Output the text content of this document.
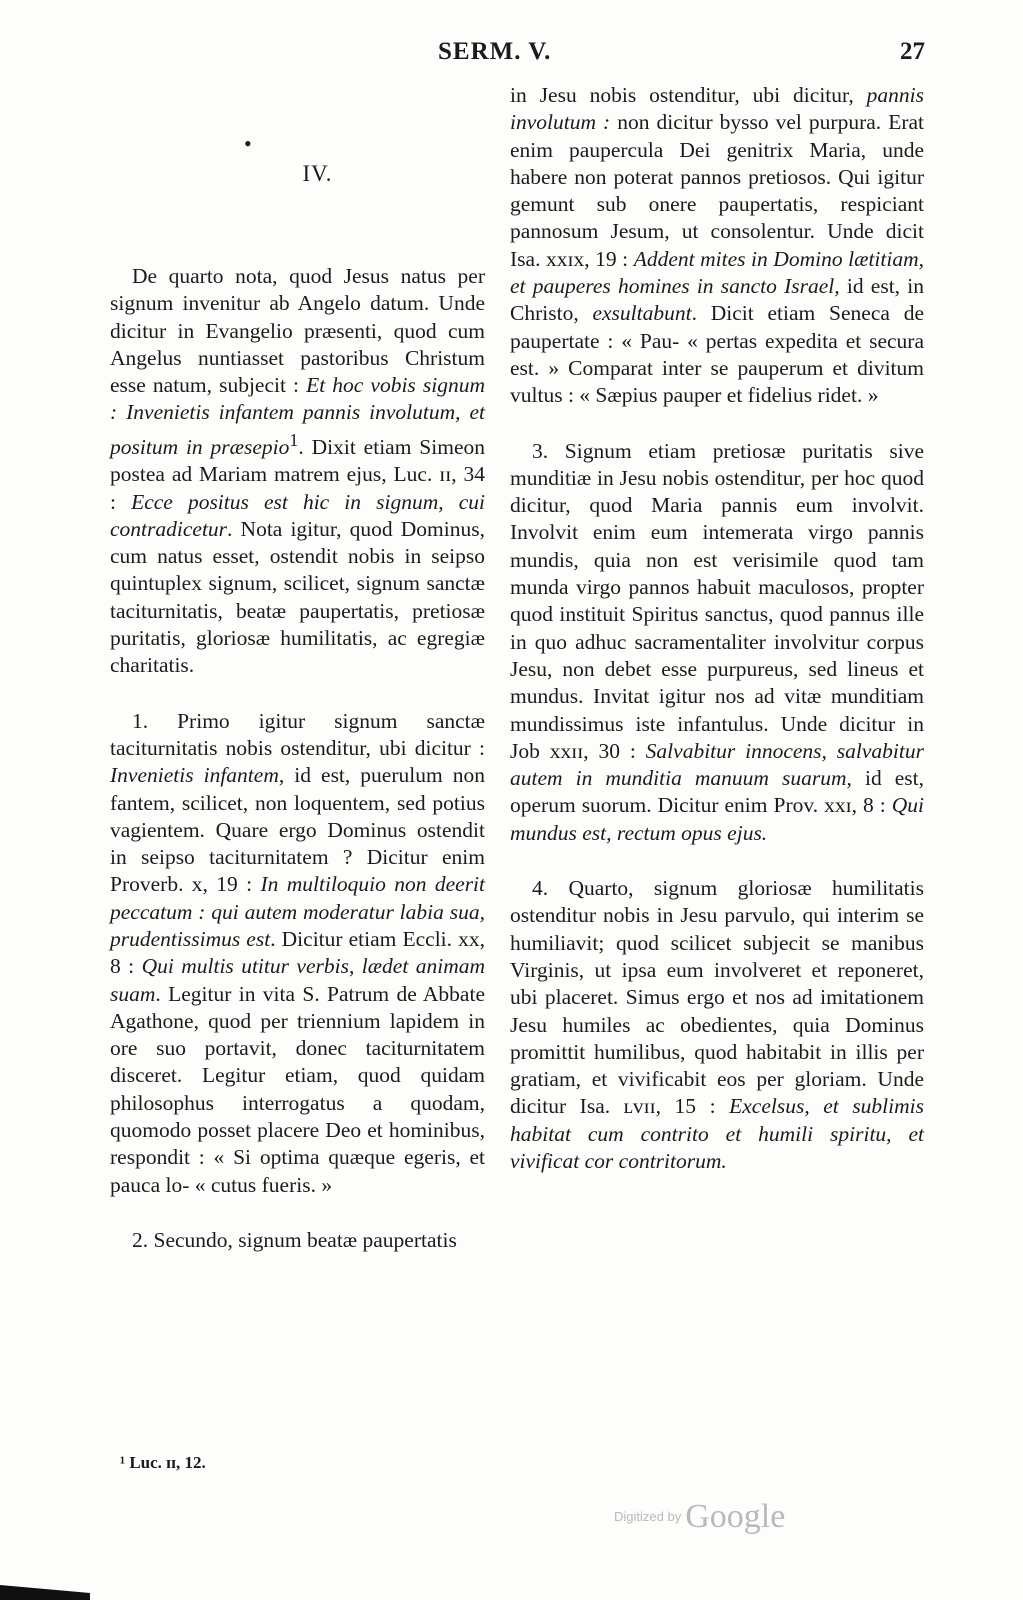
SERM. V.	27
•
IV.

De quarto nota, quod Jesus natus per signum invenitur ab Angelo datum. Unde dicitur in Evangelio præsenti, quod cum Angelus nuntiasset pastoribus Christum esse natum, subjecit : Et hoc vobis signum : Invenietis infantem pannis involutum, et positum in præsepio$^1$. Dixit etiam Simeon postea ad Mariam matrem ejus, Luc. ɪɪ, 34 : Ecce positus est hic in signum, cui contradicetur. Nota igitur, quod Dominus, cum natus esset, ostendit nobis in seipso quintuplex signum, scilicet, signum sanctæ taciturnitatis, beatæ paupertatis, pretiosæ puritatis, gloriosæ humilitatis, ac egregiæ charitatis.

1. Primo igitur signum sanctæ taciturnitatis nobis ostenditur, ubi dicitur : Invenietis infantem, id est, puerulum non fantem, scilicet, non loquentem, sed potius vagientem. Quare ergo Dominus ostendit in seipso taciturnitatem ? Dicitur enim Proverb. x, 19 : In multiloquio non deerit peccatum : qui autem moderatur labia sua, prudentissimus est. Dicitur etiam Eccli. xx, 8 : Qui multis utitur verbis, lædet animam suam. Legitur in vita S. Patrum de Abbate Agathone, quod per triennium lapidem in ore suo portavit, donec taciturnitatem disceret. Legitur etiam, quod quidam philosophus interrogatus a quodam, quomodo posset placere Deo et hominibus, respondit : « Si optima quæque egeris, et pauca lo- « cutus fueris. »

2. Secundo, signum beatæ paupertatis

in Jesu nobis ostenditur, ubi dicitur, pannis involutum : non dicitur bysso vel purpura. Erat enim paupercula Dei genitrix Maria, unde habere non poterat pannos pretiosos. Qui igitur gemunt sub onere paupertatis, respiciant pannosum Jesum, ut consolentur. Unde dicit Isa. xxɪx, 19 : Addent mites in Domino lætitiam, et pauperes homines in sancto Israel, id est, in Christo, exsultabunt. Dicit etiam Seneca de paupertate : « Pau- « pertas expedita et secura est. » Comparat inter se pauperum et divitum vultus : « Sæpius pauper et fidelius ridet. »

3. Signum etiam pretiosæ puritatis sive munditiæ in Jesu nobis ostenditur, per hoc quod dicitur, quod Maria pannis eum involvit. Involvit enim eum intemerata virgo pannis mundis, quia non est verisimile quod tam munda virgo pannos habuit maculosos, propter quod instituit Spiritus sanctus, quod pannus ille in quo adhuc sacramentaliter involvitur corpus Jesu, non debet esse purpureus, sed lineus et mundus. Invitat igitur nos ad vitæ munditiam mundissimus iste infantulus. Unde dicitur in Job xxɪɪ, 30 : Salvabitur innocens, salvabitur autem in munditia manuum suarum, id est, operum suorum. Dicitur enim Prov. xxɪ, 8 : Qui mundus est, rectum opus ejus.

4. Quarto, signum gloriosæ humilitatis ostenditur nobis in Jesu parvulo, qui interim se humiliavit; quod scilicet subjecit se manibus Virginis, ut ipsa eum involveret et reponeret, ubi placeret. Simus ergo et nos ad imitationem Jesu humiles ac obedientes, quia Dominus promittit humilibus, quod habitabit in illis per gratiam, et vivificabit eos per gloriam. Unde dicitur Isa. ʟᴠɪɪ, 15 : Excelsus, et sublimis habitat cum contrito et humili spiritu, et vivificat cor contritorum.

¹ Luc. ɪɪ, 12.
$^{Digitized by}$ Google
